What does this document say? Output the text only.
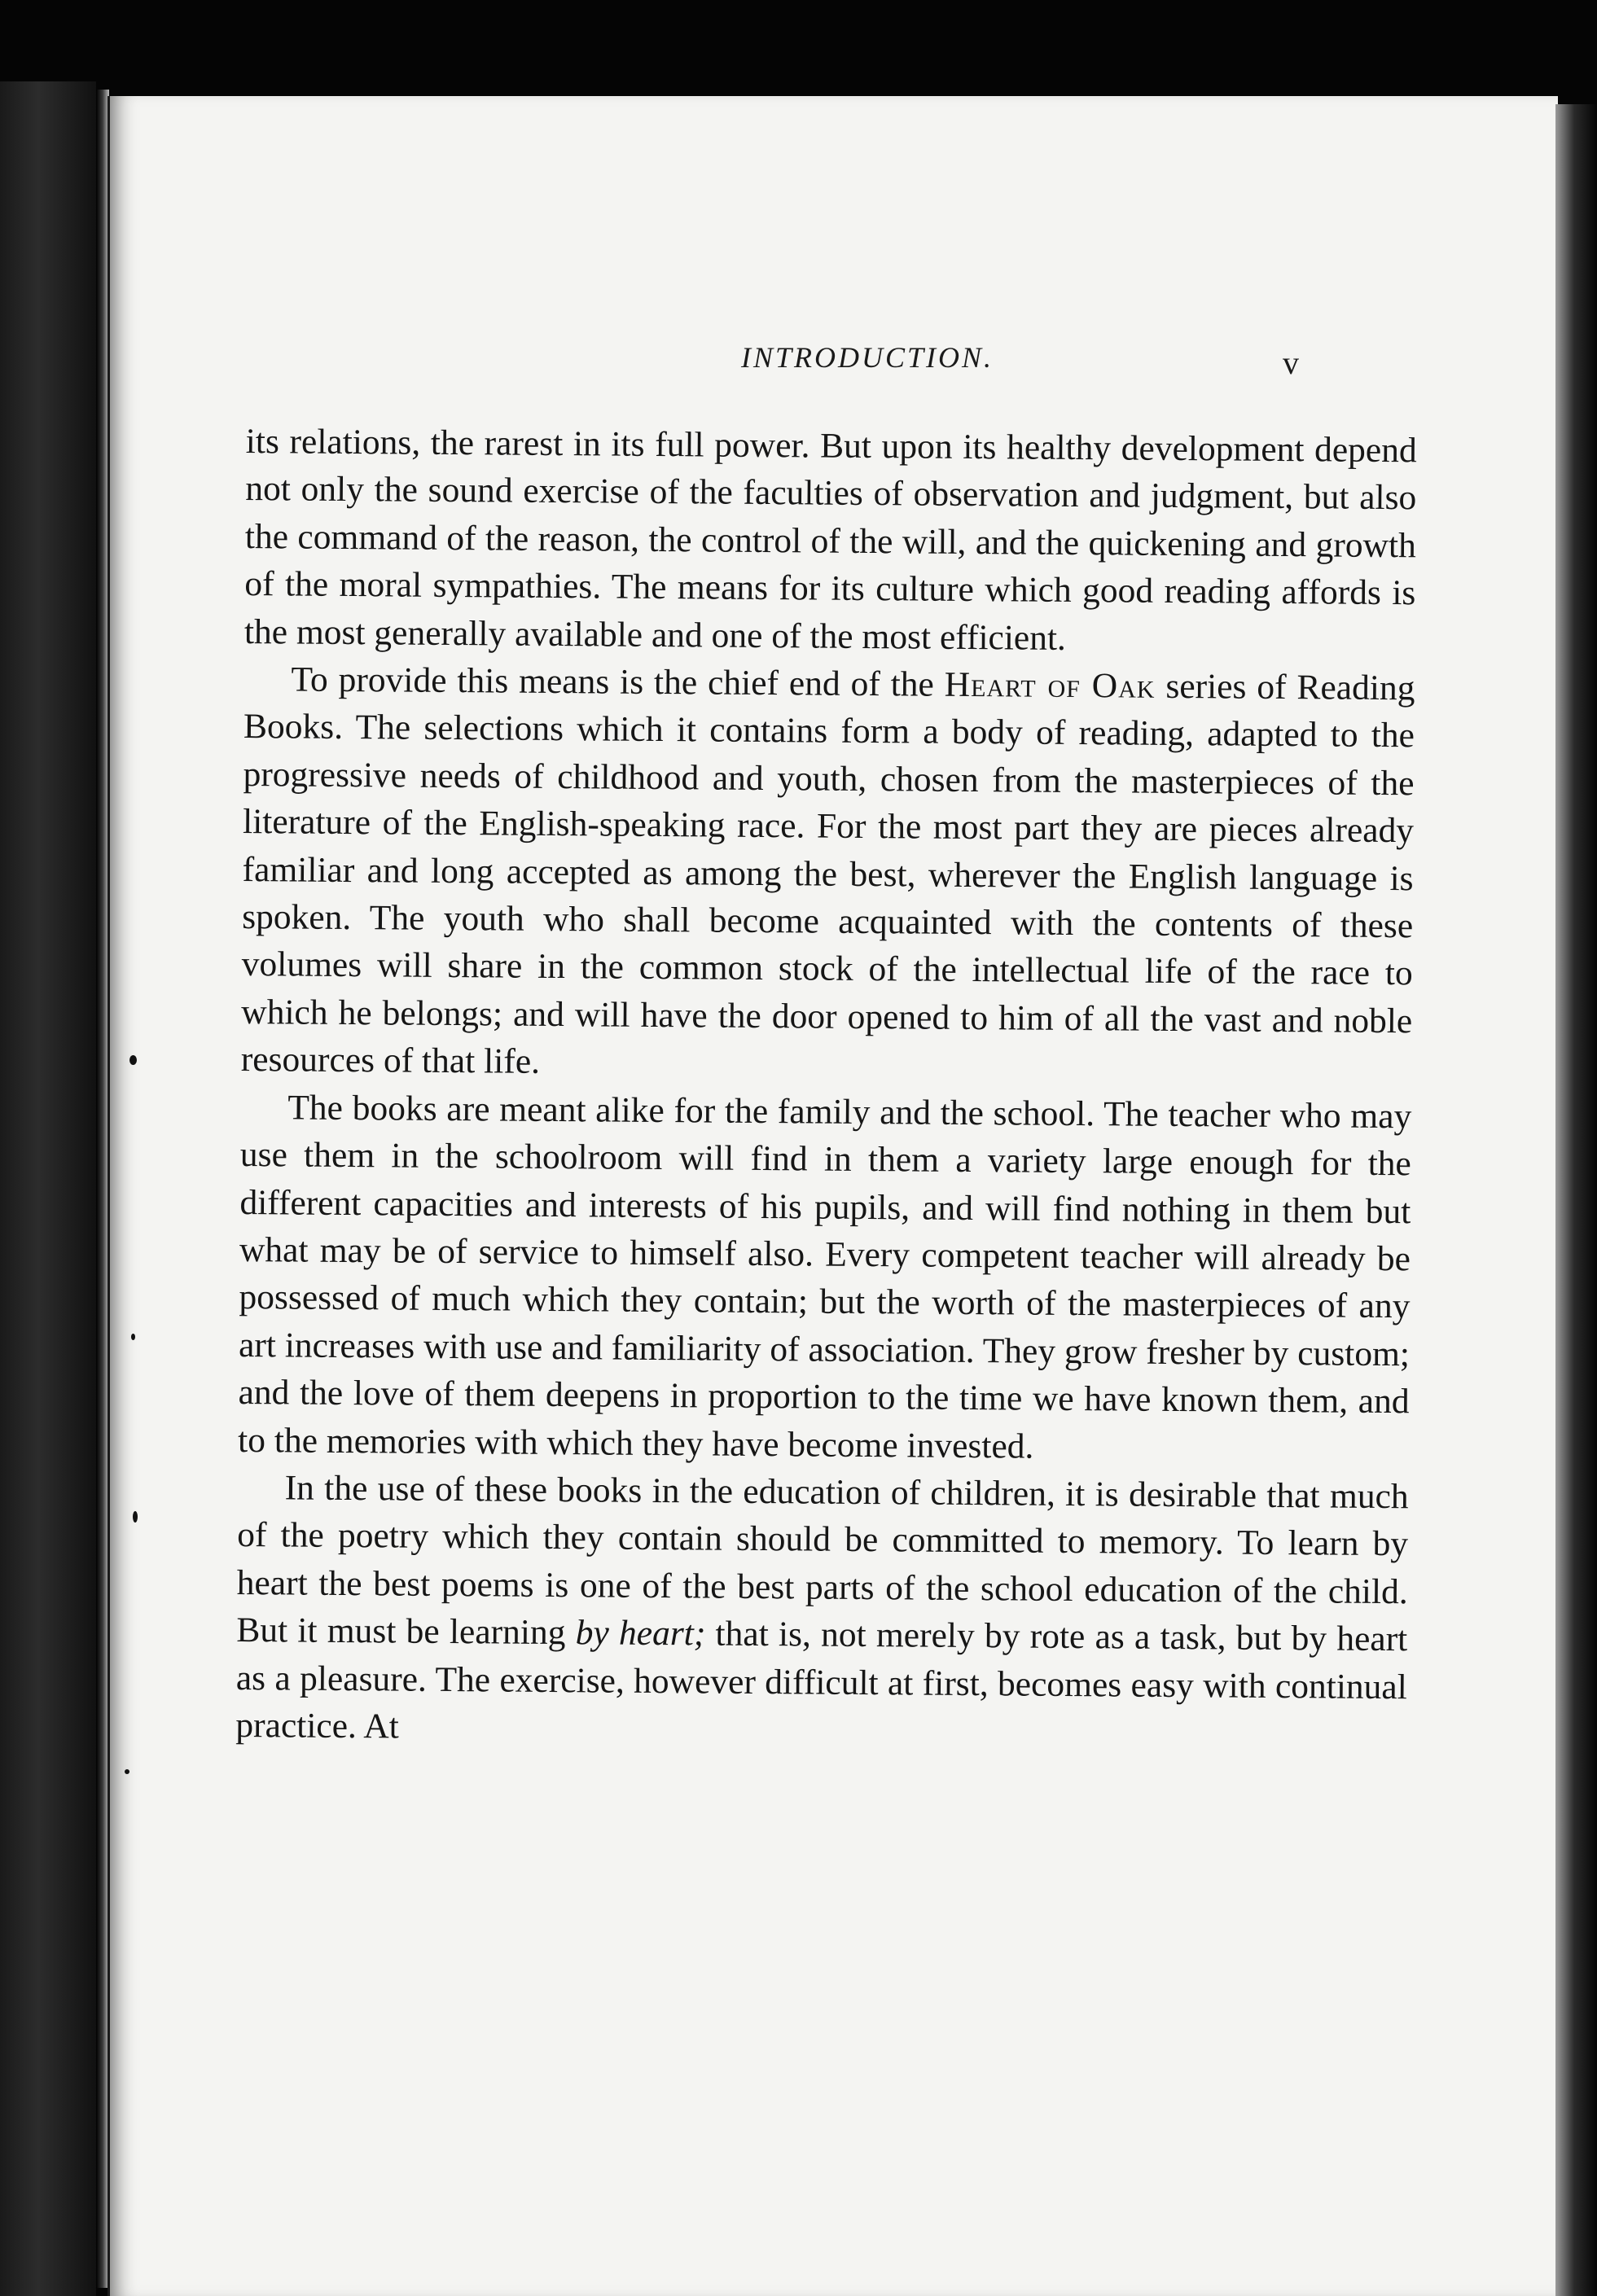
INTRODUCTION.	v

its relations, the rarest in its full power. But upon its healthy development depend not only the sound exercise of the faculties of observation and judgment, but also the command of the reason, the control of the will, and the quickening and growth of the moral sympathies. The means for its culture which good reading affords is the most generally available and one of the most efficient.

To provide this means is the chief end of the Heart of Oak series of Reading Books. The selections which it contains form a body of reading, adapted to the progressive needs of childhood and youth, chosen from the masterpieces of the literature of the English-speaking race. For the most part they are pieces already familiar and long accepted as among the best, wherever the English language is spoken. The youth who shall become acquainted with the contents of these volumes will share in the common stock of the intellectual life of the race to which he belongs; and will have the door opened to him of all the vast and noble resources of that life.

The books are meant alike for the family and the school. The teacher who may use them in the schoolroom will find in them a variety large enough for the different capacities and interests of his pupils, and will find nothing in them but what may be of service to himself also. Every competent teacher will already be possessed of much which they contain; but the worth of the masterpieces of any art increases with use and familiarity of association. They grow fresher by custom; and the love of them deepens in proportion to the time we have known them, and to the memories with which they have become invested.

In the use of these books in the education of children, it is desirable that much of the poetry which they contain should be committed to memory. To learn by heart the best poems is one of the best parts of the school education of the child. But it must be learning by heart; that is, not merely by rote as a task, but by heart as a pleasure. The exercise, however difficult at first, becomes easy with continual practice. At
